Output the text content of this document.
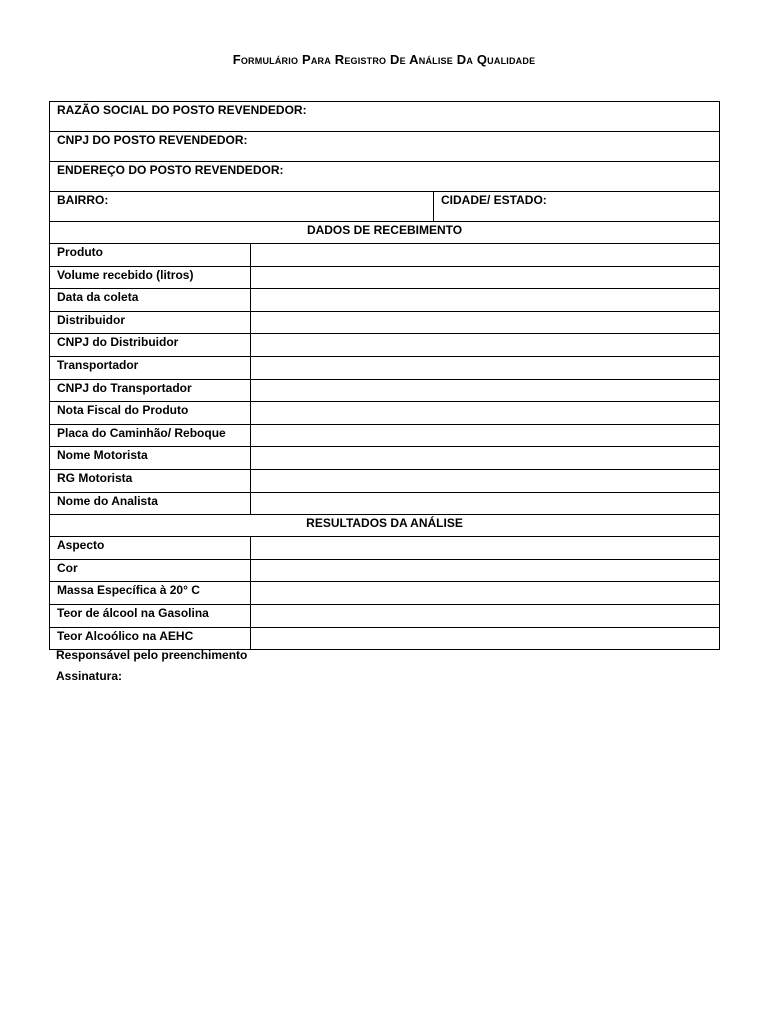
Formulário Para Registro De Análise Da Qualidade
RAZÃO SOCIAL DO POSTO REVENDEDOR:		
CNPJ DO POSTO REVENDEDOR:		
ENDEREÇO DO POSTO REVENDEDOR:		
BAIRRO:		CIDADE/ ESTADO:
DADOS DE RECEBIMENTO		
Produto		
Volume recebido (litros)		
Data da coleta		
Distribuidor		
CNPJ do Distribuidor		
Transportador		
CNPJ do Transportador		
Nota Fiscal do Produto		
Placa do Caminhão/ Reboque		
Nome Motorista		
RG Motorista		
Nome do Analista		
RESULTADOS DA ANÁLISE		
Aspecto		
Cor		
Massa Específica à 20° C		
Teor de álcool na Gasolina		
Teor Alcoólico na AEHC		
Responsável pelo preenchimento
Assinatura:
